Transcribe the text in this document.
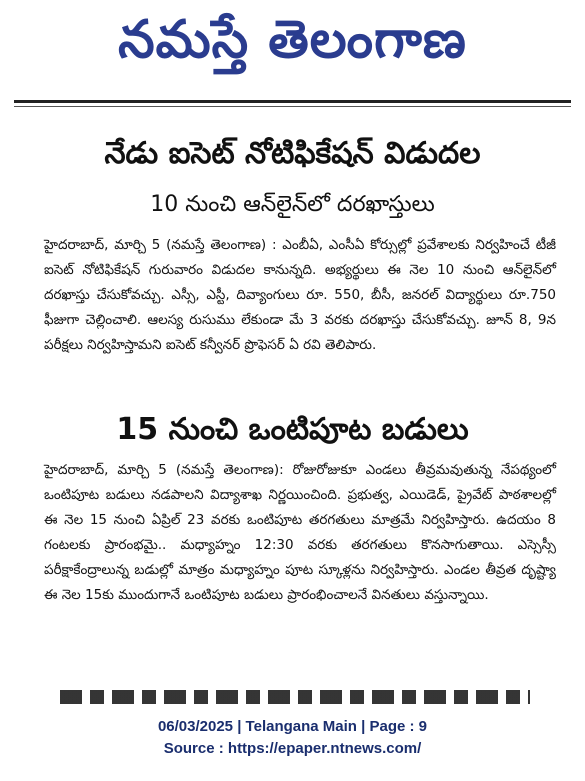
నమస్తే తెలంగాణ
నేడు ఐసెట్ నోటిఫికేషన్ విడుదల
10 నుంచి ఆన్‌లైన్‌లో దరఖాస్తులు
హైదరాబాద్, మార్చి 5 (నమస్తే తెలంగాణ) : ఎంబీఏ, ఎంసీఏ కోర్సుల్లో ప్రవేశాలకు నిర్వహించే టీజీ ఐసెట్ నోటిఫికేషన్ గురువారం విడుదల కానున్నది. అభ్యర్థులు ఈ నెల 10 నుంచి ఆన్‌లైన్‌లో దరఖాస్తు చేసుకోవచ్చు. ఎస్సీ, ఎస్టీ, దివ్యాంగులు రూ. 550, బీసీ, జనరల్ విద్యార్థులు రూ.750 ఫీజుగా చెల్లించాలి. ఆలస్య రుసుము లేకుండా మే 3 వరకు దరఖాస్తు చేసుకోవచ్చు. జూన్ 8, 9న పరీక్షలు నిర్వహిస్తామని ఐసెట్ కన్వీనర్ ప్రొఫెసర్ ఏ రవి తెలిపారు.
15 నుంచి ఒంటిపూట బడులు
హైదరాబాద్, మార్చి 5 (నమస్తే తెలంగాణ): రోజురోజుకూ ఎండలు తీవ్రమవుతున్న నేపథ్యంలో ఒంటిపూట బడులు నడపాలని విద్యాశాఖ నిర్ణయించింది. ప్రభుత్వ, ఎయిడెడ్, ప్రైవేట్ పాఠశాలల్లో ఈ నెల 15 నుంచి ఏప్రిల్ 23 వరకు ఒంటిపూట తరగతులు మాత్రమే నిర్వహిస్తారు. ఉదయం 8 గంటలకు ప్రారంభమై.. మధ్యాహ్నం 12:30 వరకు తరగతులు కొనసాగుతాయి. ఎస్సెస్సీ పరీక్షాకేంద్రాలున్న బడుల్లో మాత్రం మధ్యాహ్నం పూట స్కూళ్లను నిర్వహిస్తారు. ఎండల తీవ్రత దృష్ట్యా ఈ నెల 15కు ముందుగానే ఒంటిపూట బడులు ప్రారంభించాలనే వినతులు వస్తున్నాయి.
06/03/2025 | Telangana Main | Page : 9
Source : https://epaper.ntnews.com/
